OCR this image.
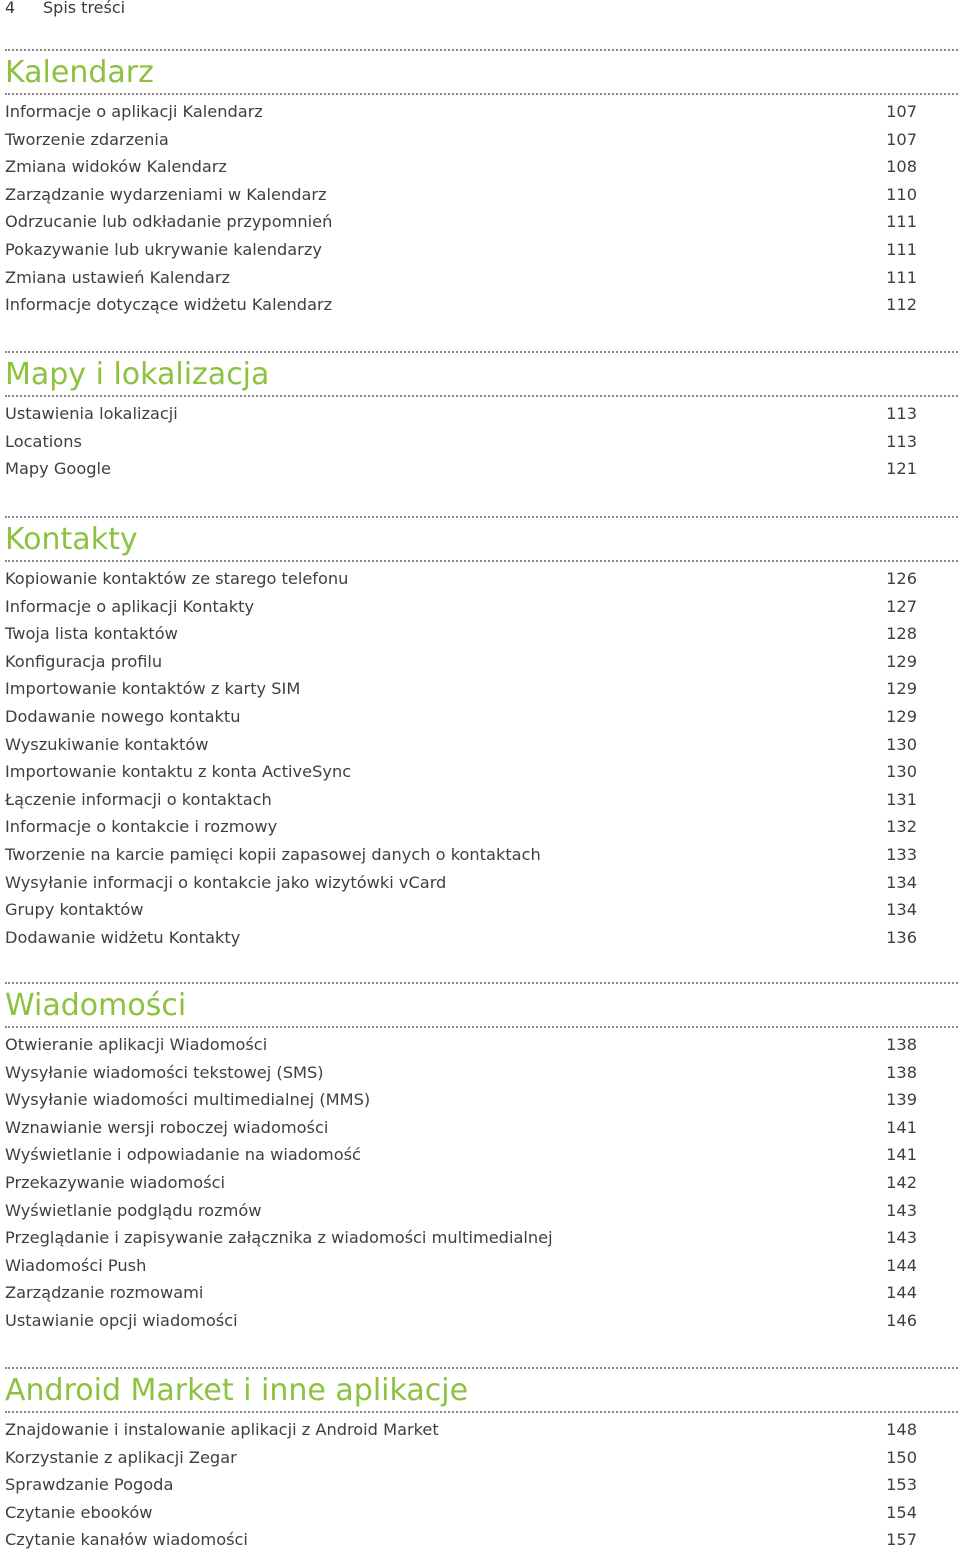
4 Spis treści
Kalendarz
Informacje o aplikacji Kalendarz	107
Tworzenie zdarzenia	107
Zmiana widoków Kalendarz	108
Zarządzanie wydarzeniami w Kalendarz	110
Odrzucanie lub odkładanie przypomnień	111
Pokazywanie lub ukrywanie kalendarzy	111
Zmiana ustawień Kalendarz	111
Informacje dotyczące widżetu Kalendarz	112
Mapy i lokalizacja
Ustawienia lokalizacji	113
Locations	113
Mapy Google	121
Kontakty
Kopiowanie kontaktów ze starego telefonu	126
Informacje o aplikacji Kontakty	127
Twoja lista kontaktów	128
Konfiguracja profilu	129
Importowanie kontaktów z karty SIM	129
Dodawanie nowego kontaktu	129
Wyszukiwanie kontaktów	130
Importowanie kontaktu z konta ActiveSync	130
Łączenie informacji o kontaktach	131
Informacje o kontakcie i rozmowy	132
Tworzenie na karcie pamięci kopii zapasowej danych o kontaktach	133
Wysyłanie informacji o kontakcie jako wizytówki vCard	134
Grupy kontaktów	134
Dodawanie widżetu Kontakty	136
Wiadomości
Otwieranie aplikacji Wiadomości	138
Wysyłanie wiadomości tekstowej (SMS)	138
Wysyłanie wiadomości multimedialnej (MMS)	139
Wznawianie wersji roboczej wiadomości	141
Wyświetlanie i odpowiadanie na wiadomość	141
Przekazywanie wiadomości	142
Wyświetlanie podglądu rozmów	143
Przeglądanie i zapisywanie załącznika z wiadomości multimedialnej	143
Wiadomości Push	144
Zarządzanie rozmowami	144
Ustawianie opcji wiadomości	146
Android Market i inne aplikacje
Znajdowanie i instalowanie aplikacji z Android Market	148
Korzystanie z aplikacji Zegar	150
Sprawdzanie Pogoda	153
Czytanie ebooków	154
Czytanie kanałów wiadomości	157
